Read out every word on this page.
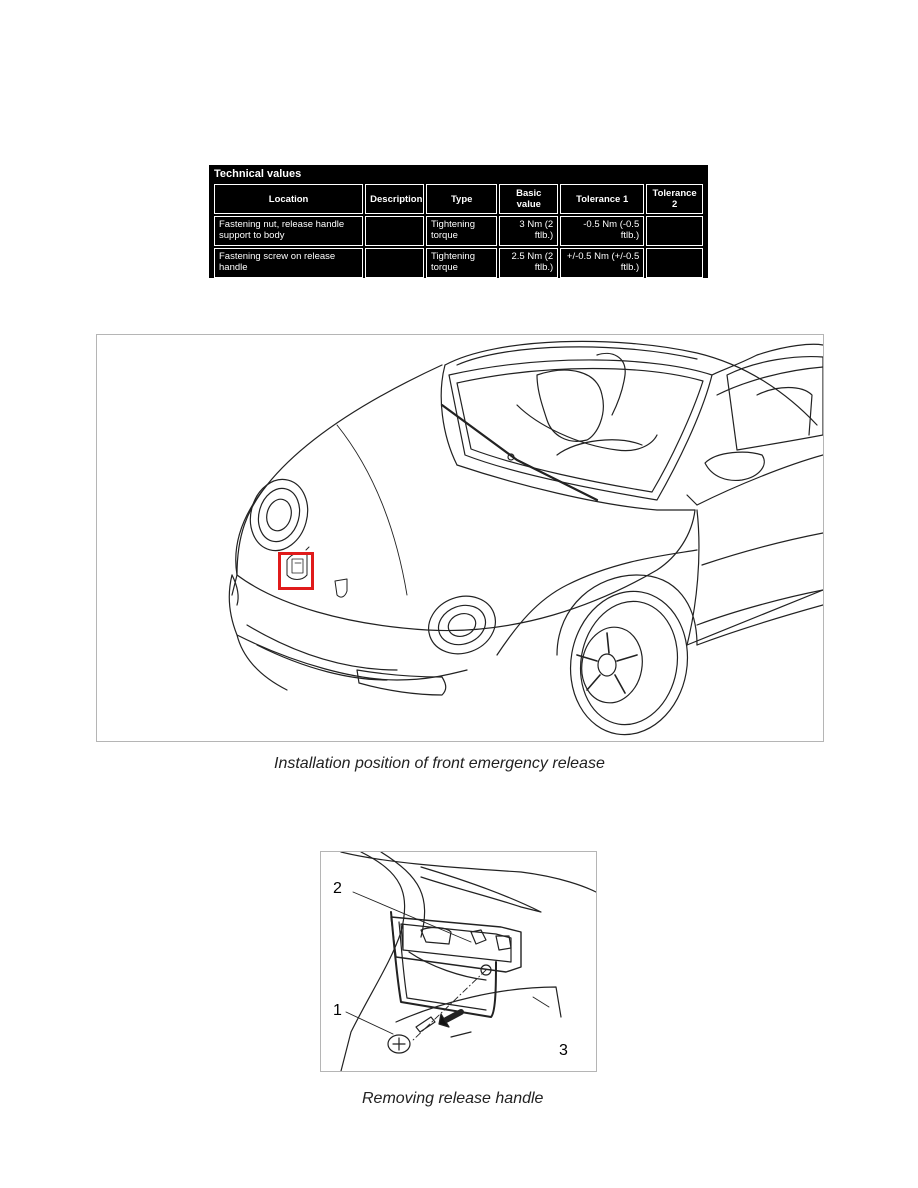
Technical values
Location	Description	Type	Basic value	Tolerance 1	Tolerance 2
Fastening nut, release handle support to body		Tightening torque	3 Nm (2 ftlb.)	-0.5 Nm (-0.5 ftlb.)	
Fastening screw on release handle		Tightening torque	2.5 Nm (2 ftlb.)	+/-0.5 Nm (+/-0.5 ftlb.)	
Installation position of front emergency release
2
1
3
Removing release handle
